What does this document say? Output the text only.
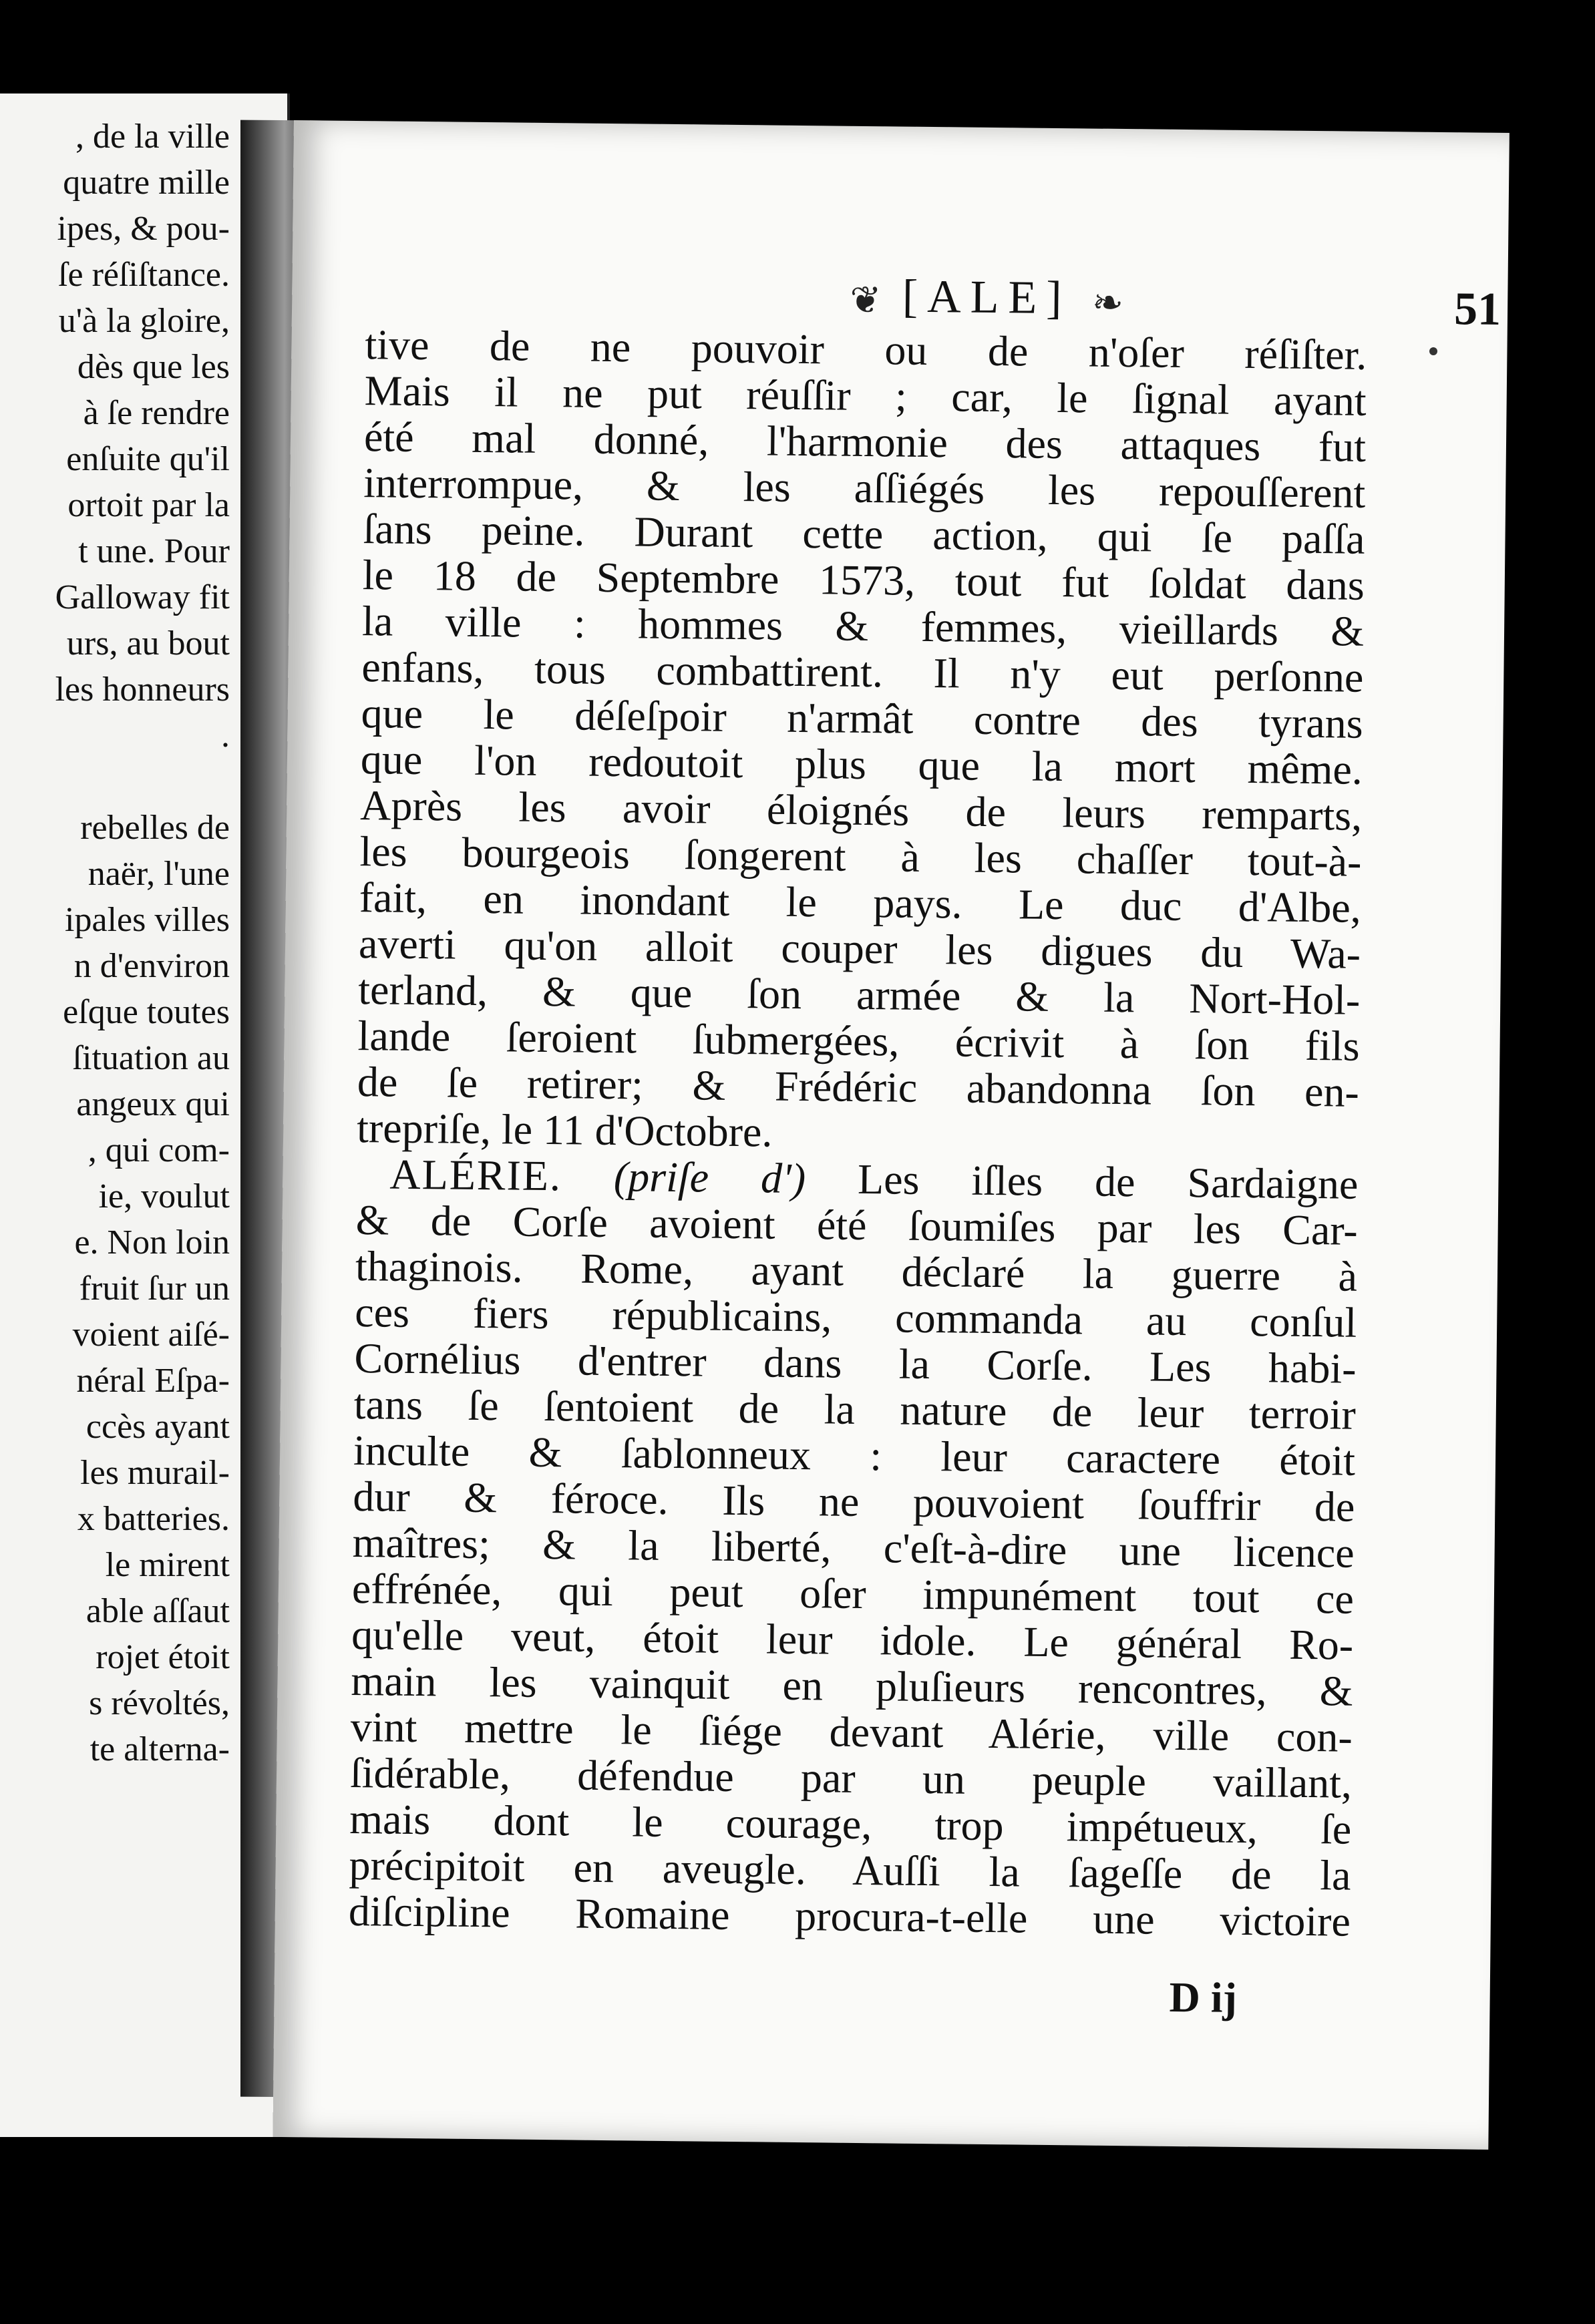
, de la ville
quatre mille
ipes, & pou-
ſe réſiſtance.
u'à la gloire,
dès que les
à ſe rendre
enſuite qu'il
ortoit par la
t une. Pour
Galloway fit
urs, au bout
les honneurs
.
rebelles de
naër, l'une
ipales villes
n d'environ
eſque toutes
ſituation au
angeux qui
, qui com-
ie, voulut
e. Non loin
fruit ſur un
voient aiſé-
néral Eſpa-
ccès ayant
les murail-
x batteries.
le mirent
able aſſaut
rojet étoit
s révoltés,
te alterna-
❦ [ALE] ❧	51
tive de ne pouvoir ou de n'oſer réſiſter.
Mais il ne put réuſſir ; car, le ſignal ayant
été mal donné, l'harmonie des attaques fut
interrompue, & les aſſiégés les repouſſerent
ſans peine. Durant cette action, qui ſe paſſa
le 18 de Septembre 1573, tout fut ſoldat dans
la ville : hommes & femmes, vieillards &
enfans, tous combattirent. Il n'y eut perſonne
que le déſeſpoir n'armât contre des tyrans
que l'on redoutoit plus que la mort même.
Après les avoir éloignés de leurs remparts,
les bourgeois ſongerent à les chaſſer tout-à-
fait, en inondant le pays. Le duc d'Albe,
averti qu'on alloit couper les digues du Wa-
terland, & que ſon armée & la Nort-Hol-
lande ſeroient ſubmergées, écrivit à ſon fils
de ſe retirer; & Frédéric abandonna ſon en-
trepriſe, le 11 d'Octobre.
ALÉRIE. (priſe d') Les iſles de Sardaigne
& de Corſe avoient été ſoumiſes par les Car-
thaginois. Rome, ayant déclaré la guerre à
ces fiers républicains, commanda au conſul
Cornélius d'entrer dans la Corſe. Les habi-
tans ſe ſentoient de la nature de leur terroir
inculte & ſablonneux : leur caractere étoit
dur & féroce. Ils ne pouvoient ſouffrir de
maîtres; & la liberté, c'eſt-à-dire une licence
effrénée, qui peut oſer impunément tout ce
qu'elle veut, étoit leur idole. Le général Ro-
main les vainquit en pluſieurs rencontres, &
vint mettre le ſiége devant Alérie, ville con-
ſidérable, défendue par un peuple vaillant,
mais dont le courage, trop impétueux, ſe
précipitoit en aveugle. Auſſi la ſageſſe de la
diſcipline Romaine procura-t-elle une victoire
D ij
